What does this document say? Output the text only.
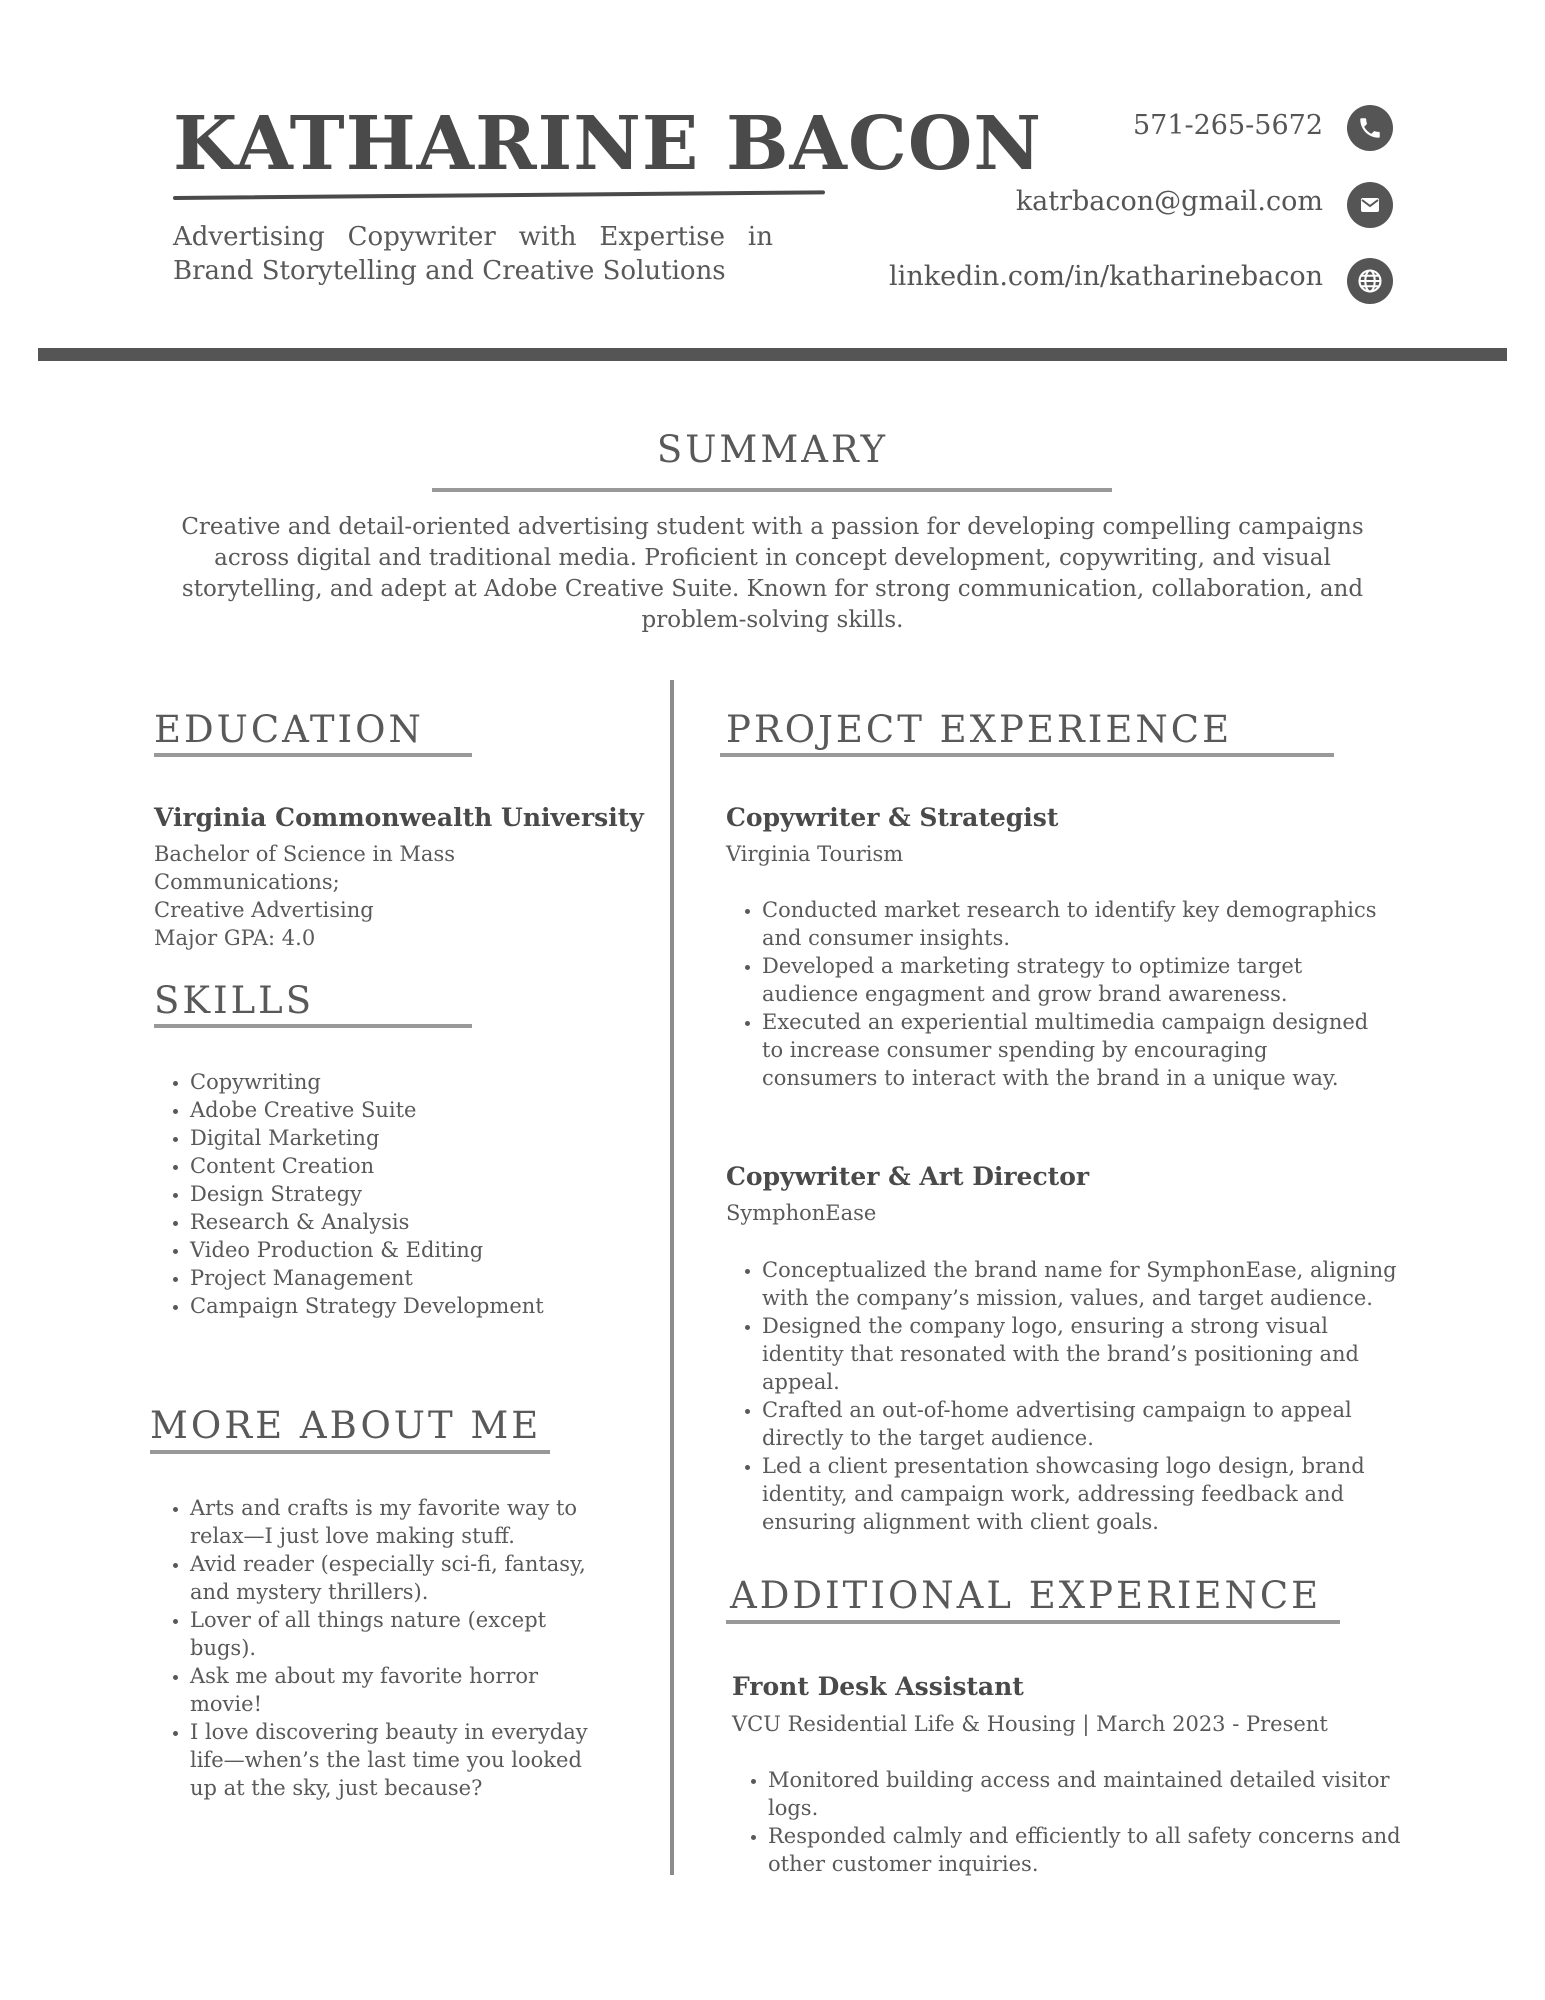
KATHARINE BACON
Advertising Copywriter with Expertise in Brand Storytelling and Creative Solutions
571-265-5672
katrbacon@gmail.com
linkedin.com/in/katharinebacon
SUMMARY
Creative and detail-oriented advertising student with a passion for developing compelling campaigns across digital and traditional media. Proficient in concept development, copywriting, and visual storytelling, and adept at Adobe Creative Suite. Known for strong communication, collaboration, and problem-solving skills.
EDUCATION
Virginia Commonwealth University
Bachelor of Science in Mass Communications;
Creative Advertising
Major GPA: 4.0
SKILLS
• Copywriting
• Adobe Creative Suite
• Digital Marketing
• Content Creation
• Design Strategy
• Research & Analysis
• Video Production & Editing
• Project Management
• Campaign Strategy Development
MORE ABOUT ME
• Arts and crafts is my favorite way to relax—I just love making stuff.
• Avid reader (especially sci-fi, fantasy, and mystery thrillers).
• Lover of all things nature (except bugs).
• Ask me about my favorite horror movie!
• I love discovering beauty in everyday life—when’s the last time you looked up at the sky, just because?
PROJECT EXPERIENCE
Copywriter & Strategist
Virginia Tourism
• Conducted market research to identify key demographics and consumer insights.
• Developed a marketing strategy to optimize target audience engagment and grow brand awareness.
• Executed an experiential multimedia campaign designed to increase consumer spending by encouraging consumers to interact with the brand in a unique way.
Copywriter & Art Director
SymphonEase
• Conceptualized the brand name for SymphonEase, aligning with the company’s mission, values, and target audience.
• Designed the company logo, ensuring a strong visual identity that resonated with the brand’s positioning and appeal.
• Crafted an out-of-home advertising campaign to appeal directly to the target audience.
• Led a client presentation showcasing logo design, brand identity, and campaign work, addressing feedback and ensuring alignment with client goals.
ADDITIONAL EXPERIENCE
Front Desk Assistant
VCU Residential Life & Housing | March 2023 - Present
• Monitored building access and maintained detailed visitor logs.
• Responded calmly and efficiently to all safety concerns and other customer inquiries.
